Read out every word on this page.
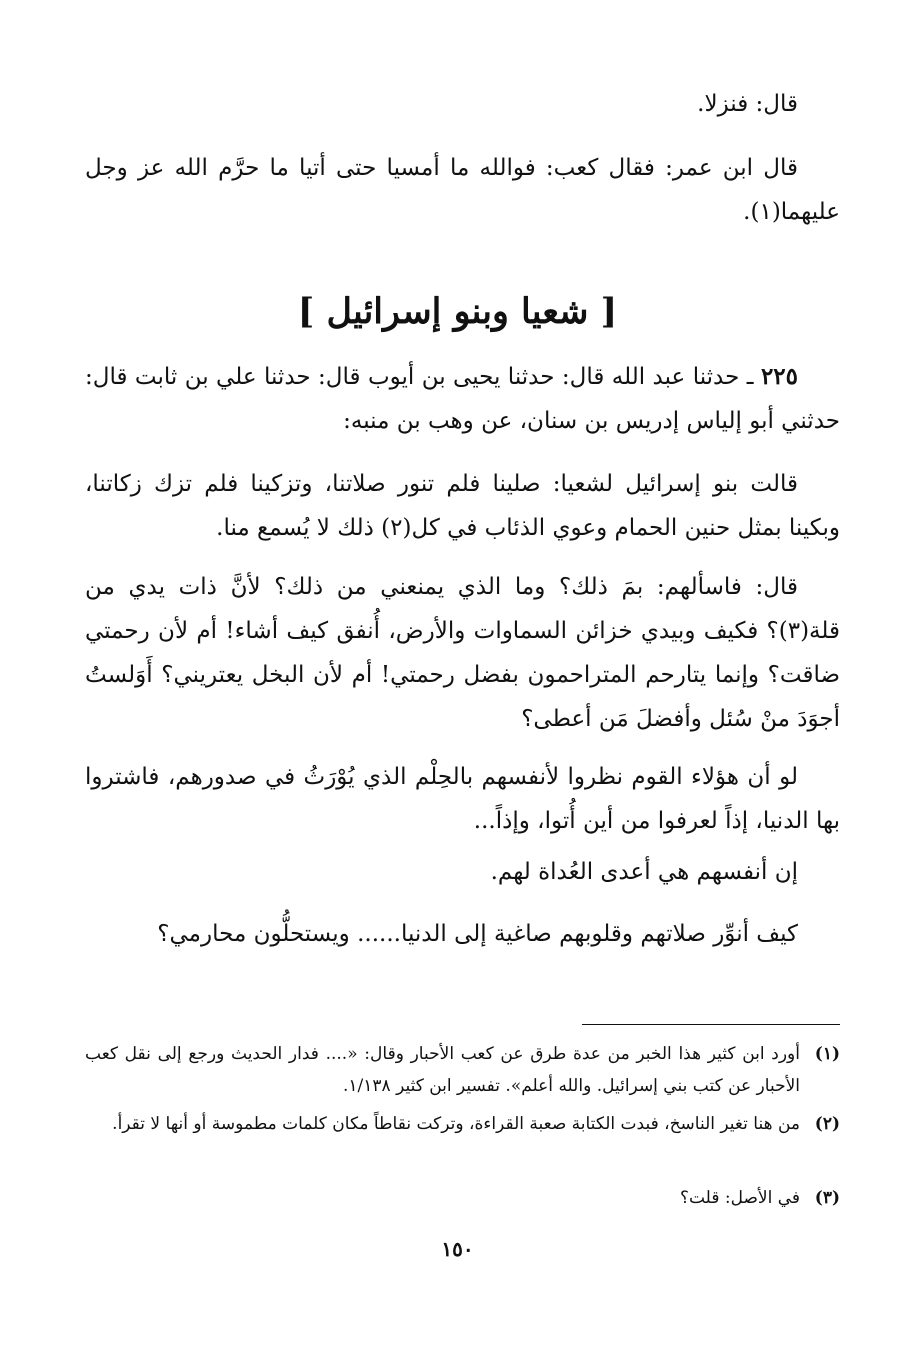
قال: فنزلا.

قال ابن عمر: فقال كعب: فوالله ما أمسيا حتى أتيا ما حرَّم الله عز وجل عليهما(١).

[ شعيا وبنو إسرائيل ]

٢٢٥ ـ حدثنا عبد الله قال: حدثنا يحيى بن أيوب قال: حدثنا علي بن ثابت قال: حدثني أبو إلياس إدريس بن سنان، عن وهب بن منبه:

قالت بنو إسرائيل لشعيا: صلينا فلم تنور صلاتنا، وتزكينا فلم تزك زكاتنا، وبكينا بمثل حنين الحمام وعوي الذئاب في كل(٢) ذلك لا يُسمع منا.

قال: فاسألهم: بمَ ذلك؟ وما الذي يمنعني من ذلك؟ لأنَّ ذات يدي من قلة(٣)؟ فكيف وبيدي خزائن السماوات والأرض، أُنفق كيف أشاء! أم لأن رحمتي ضاقت؟ وإنما يتارحم المتراحمون بفضل رحمتي! أم لأن البخل يعتريني؟ أَوَلستُ أجوَدَ منْ سُئل وأفضلَ مَن أعطى؟

لو أن هؤلاء القوم نظروا لأنفسهم بالحِلْم الذي يُوْرَثُ في صدورهم، فاشتروا بها الدنيا، إذاً لعرفوا من أين أُتوا، وإذاً...

إن أنفسهم هي أعدى العُداة لهم.

كيف أنوِّر صلاتهم وقلوبهم صاغية إلى الدنيا...... ويستحلُّون محارمي؟

(١)
أورد ابن كثير هذا الخبر من عدة طرق عن كعب الأحبار وقال: «.... فدار الحديث ورجع إلى نقل كعب الأحبار عن كتب بني إسرائيل. والله أعلم». تفسير ابن كثير ١/١٣٨.
(٢)
من هنا تغير الناسخ، فبدت الكتابة صعبة القراءة، وتركت نقاطاً مكان كلمات مطموسة أو أنها لا تقرأ.
(٣)
في الأصل: قلت؟
١٥٠
